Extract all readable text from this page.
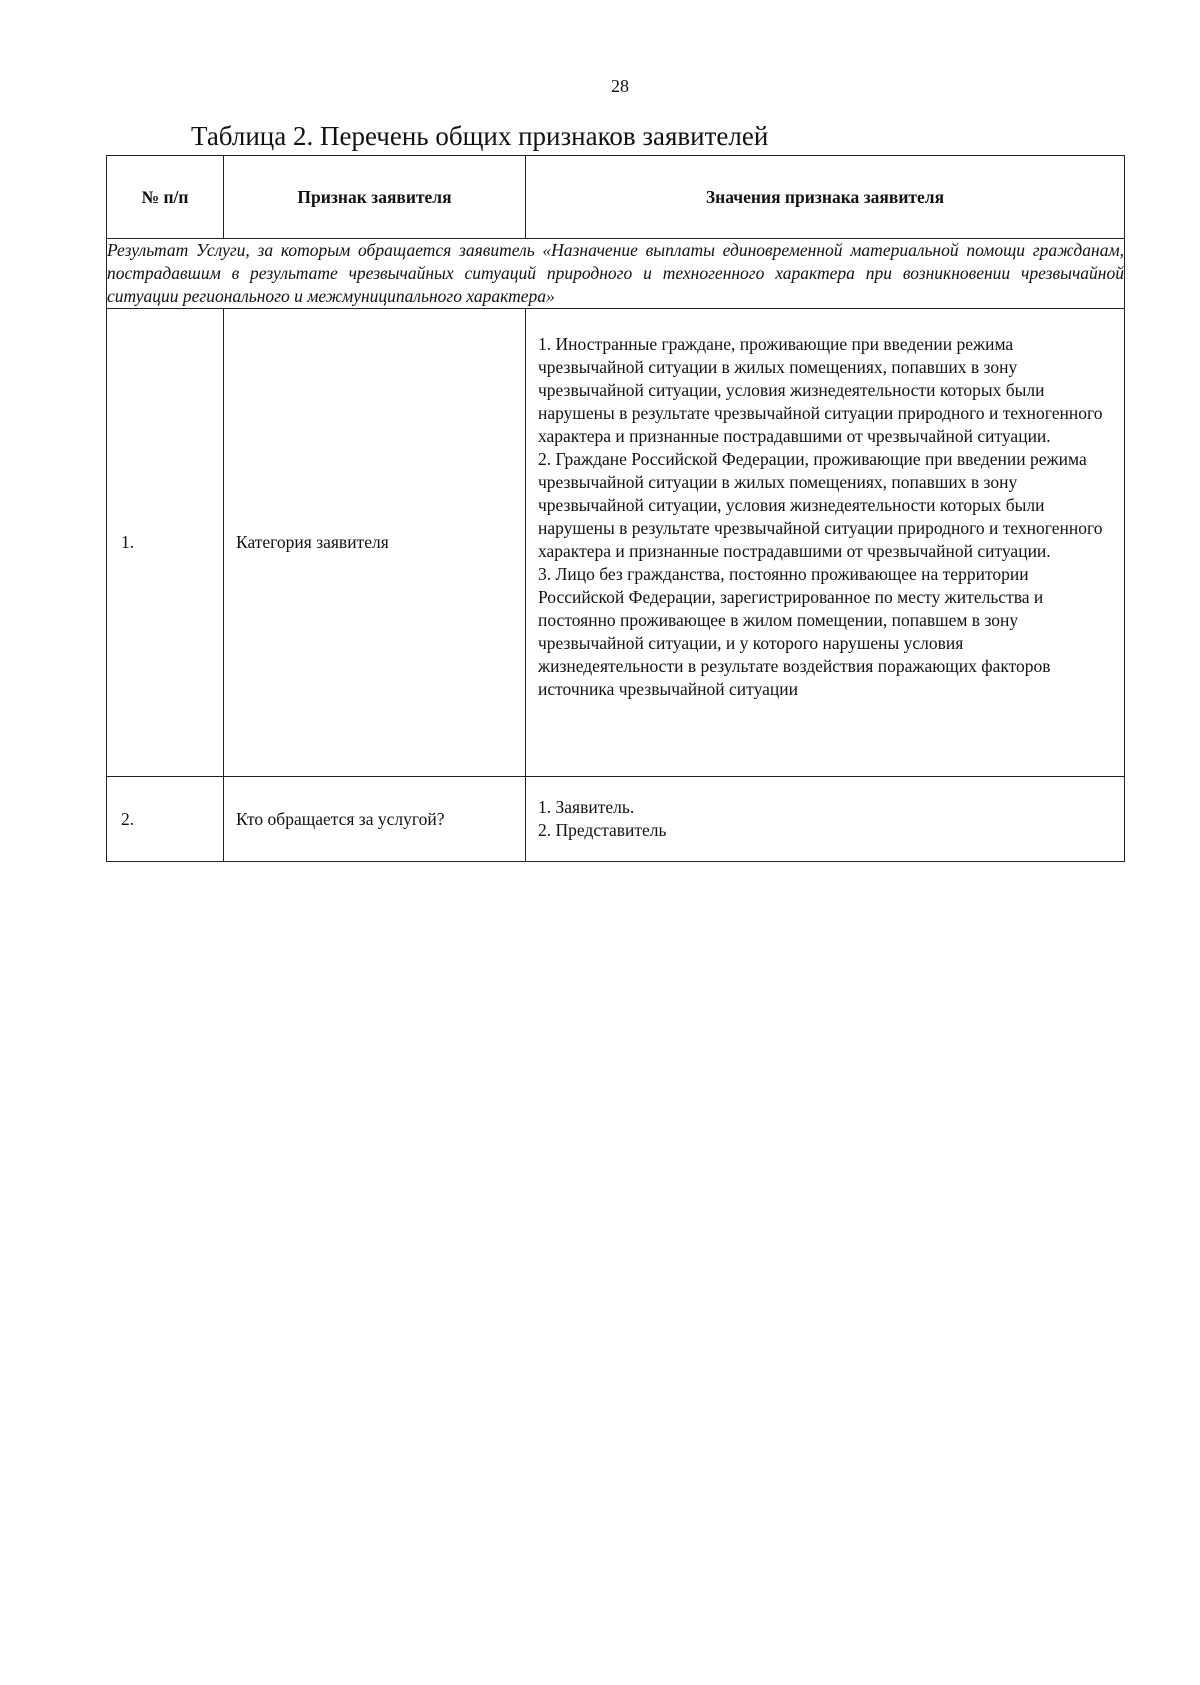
28
Таблица 2. Перечень общих признаков заявителей
№ п/п	Признак заявителя	Значения признака заявителя
Результат Услуги, за которым обращается заявитель «Назначение выплаты единовременной материальной помощи гражданам, пострадавшим в результате чрезвычайных ситуаций природного и техногенного характера при возникновении чрезвычайной ситуации регионального и межмуниципального характера»		
1.	Категория заявителя	1. Иностранные граждане, проживающие при введении режима чрезвычайной ситуации в жилых помещениях, попавших в зону чрезвычайной ситуации, условия жизнедеятельности которых были нарушены в результате чрезвычайной ситуации природного и техногенного характера и признанные пострадавшими от чрезвычайной ситуации.
2. Граждане Российской Федерации, проживающие при введении режима чрезвычайной ситуации в жилых помещениях, попавших в зону чрезвычайной ситуации, условия жизнедеятельности которых были нарушены в результате чрезвычайной ситуации природного и техногенного характера и признанные пострадавшими от чрезвычайной ситуации.
3. Лицо без гражданства, постоянно проживающее на территории Российской Федерации, зарегистрированное по месту жительства и постоянно проживающее в жилом помещении, попавшем в зону чрезвычайной ситуации, и у которого нарушены условия жизнедеятельности в результате воздействия поражающих факторов источника чрезвычайной ситуации

2.	Кто обращается за услугой?	1. Заявитель.
2. Представитель
